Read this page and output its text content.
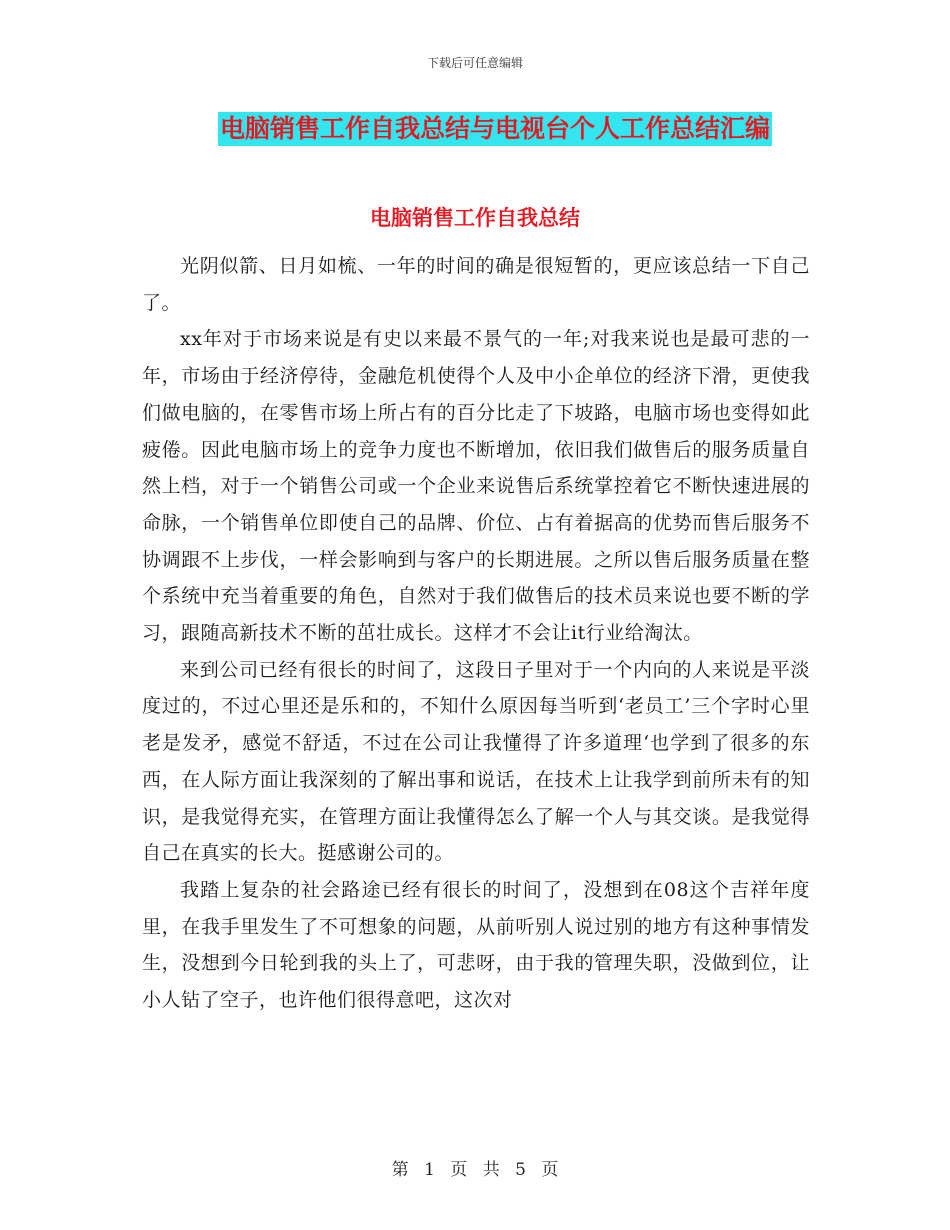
下载后可任意编辑
电脑销售工作自我总结与电视台个人工作总结汇编
电脑销售工作自我总结

光阴似箭、日月如梳、一年的时间的确是很短暂的，更应该总结一下自己了。

xx年对于市场来说是有史以来最不景气的一年;对我来说也是最可悲的一年，市场由于经济停待，金融危机使得个人及中小企单位的经济下滑，更使我们做电脑的，在零售市场上所占有的百分比走了下坡路，电脑市场也变得如此疲倦。因此电脑市场上的竞争力度也不断增加，依旧我们做售后的服务质量自然上档，对于一个销售公司或一个企业来说售后系统掌控着它不断快速进展的命脉，一个销售单位即使自己的品牌、价位、占有着据高的优势而售后服务不协调跟不上步伐，一样会影响到与客户的长期进展。之所以售后服务质量在整个系统中充当着重要的角色，自然对于我们做售后的技术员来说也要不断的学习，跟随高新技术不断的茁壮成长。这样才不会让it行业给淘汰。

来到公司已经有很长的时间了，这段日子里对于一个内向的人来说是平淡度过的，不过心里还是乐和的，不知什么原因每当听到‘老员工’三个字时心里老是发矛，感觉不舒适，不过在公司让我懂得了许多道理‘也学到了很多的东西，在人际方面让我深刻的了解出事和说话，在技术上让我学到前所未有的知识，是我觉得充实，在管理方面让我懂得怎么了解一个人与其交谈。是我觉得自己在真实的长大。挺感谢公司的。

我踏上复杂的社会路途已经有很长的时间了，没想到在08这个吉祥年度里，在我手里发生了不可想象的问题，从前听别人说过别的地方有这种事情发生，没想到今日轮到我的头上了，可悲呀，由于我的管理失职，没做到位，让小人钻了空子，也许他们很得意吧，这次对

第 1 页 共 5 页
